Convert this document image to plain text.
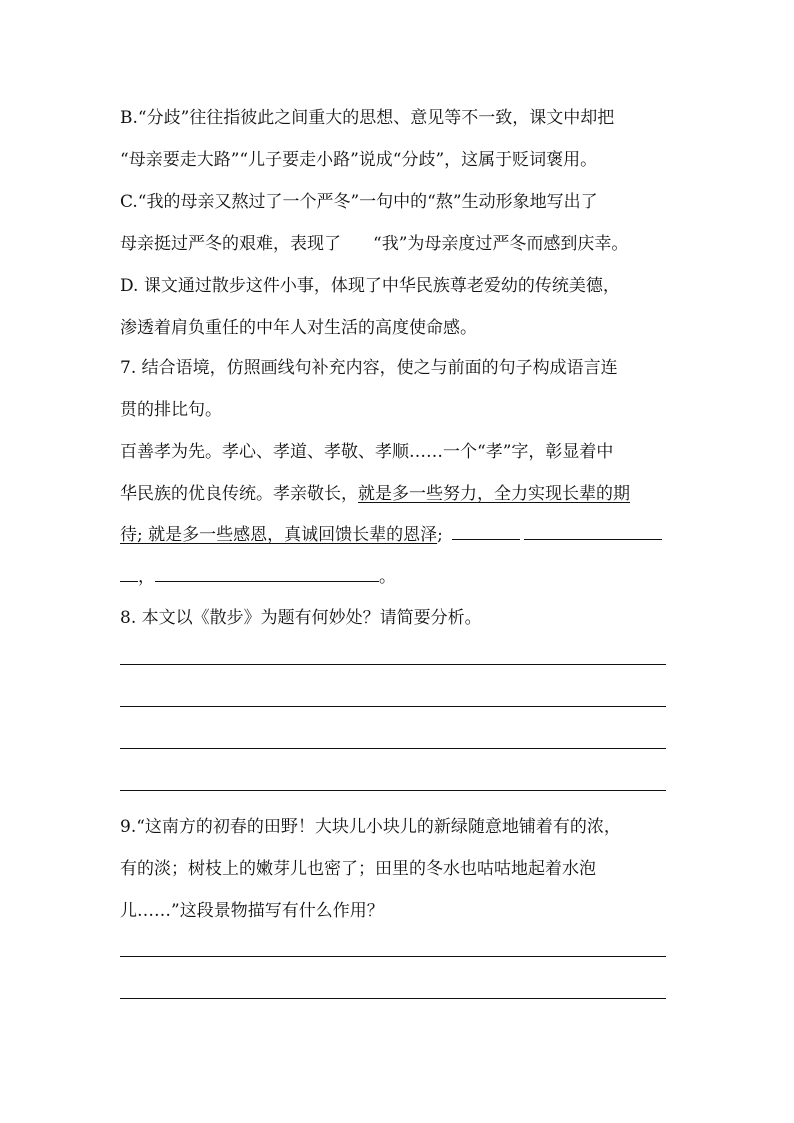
B.“分歧”往往指彼此之间重大的思想、意见等不一致，课文中却把
“母亲要走大路”“儿子要走小路”说成“分歧”，这属于贬词褒用。
C.“我的母亲又熬过了一个严冬”一句中的“熬”生动形象地写出了
母亲挺过严冬的艰难，表现了 “我”为母亲度过严冬而感到庆幸。
D. 课文通过散步这件小事，体现了中华民族尊老爱幼的传统美德，
渗透着肩负重任的中年人对生活的高度使命感。
7. 结合语境，仿照画线句补充内容，使之与前面的句子构成语言连
贯的排比句。
百善孝为先。孝心、孝道、孝敬、孝顺……一个“孝”字，彰显着中
华民族的优良传统。孝亲敬长，就是多一些努力，全力实现长辈的期
待; 就是多一些感恩，真诚回馈长辈的恩泽;
，	。
8. 本文以《散步》为题有何妙处？请简要分析。
9.“这南方的初春的田野！大块儿小块儿的新绿随意地铺着有的浓，
有的淡；树枝上的嫩芽儿也密了；田里的冬水也咕咕地起着水泡
儿……”这段景物描写有什么作用？
